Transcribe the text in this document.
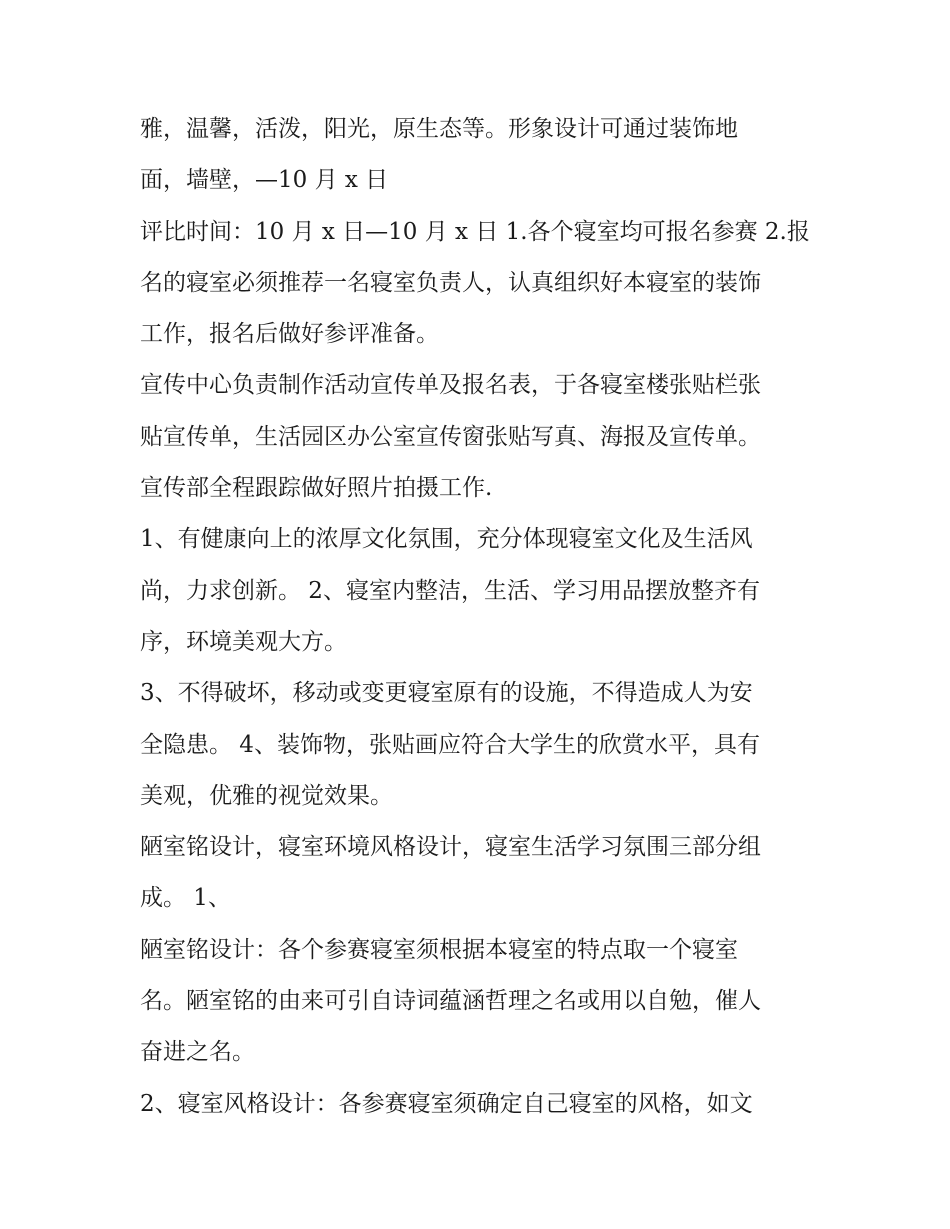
雅，温馨，活泼，阳光，原生态等。形象设计可通过装饰地
面，墙壁，—10 月 x 日
评比时间：10 月 x 日—10 月 x 日 1.各个寝室均可报名参赛 2.报
名的寝室必须推荐一名寝室负责人，认真组织好本寝室的装饰
工作，报名后做好参评准备。
宣传中心负责制作活动宣传单及报名表，于各寝室楼张贴栏张
贴宣传单，生活园区办公室宣传窗张贴写真、海报及宣传单。
宣传部全程跟踪做好照片拍摄工作.
1、有健康向上的浓厚文化氛围，充分体现寝室文化及生活风
尚，力求创新。 2、寝室内整洁，生活、学习用品摆放整齐有
序，环境美观大方。
3、不得破坏，移动或变更寝室原有的设施，不得造成人为安
全隐患。 4、装饰物，张贴画应符合大学生的欣赏水平，具有
美观，优雅的视觉效果。
陋室铭设计，寝室环境风格设计，寝室生活学习氛围三部分组
成。 1、
陋室铭设计：各个参赛寝室须根据本寝室的特点取一个寝室
名。陋室铭的由来可引自诗词蕴涵哲理之名或用以自勉，催人
奋进之名。
2、寝室风格设计：各参赛寝室须确定自己寝室的风格，如文
